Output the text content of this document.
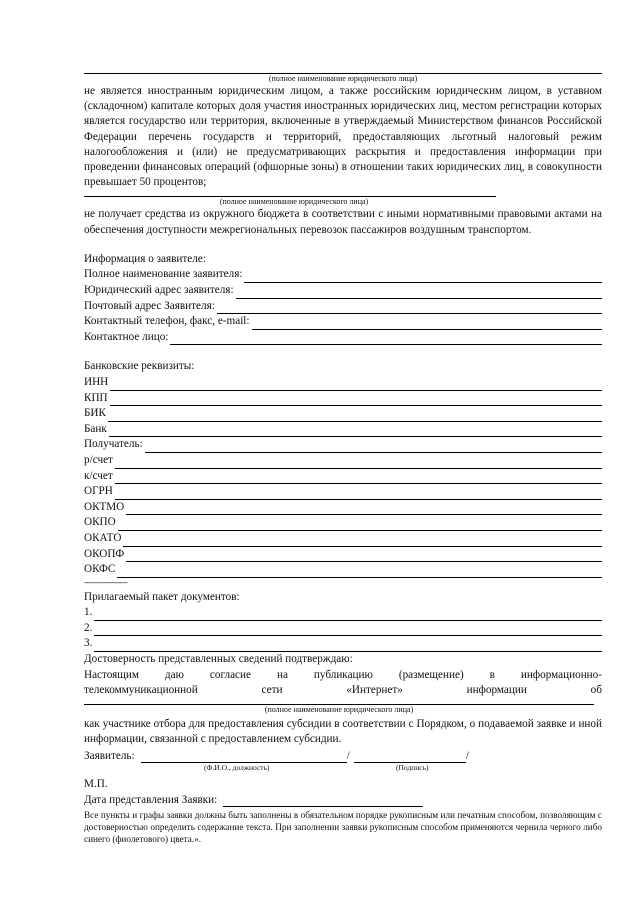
(полное наименование юридического лица)

не является иностранным юридическим лицом, а также российским юридическим лицом, в уставном (складочном) капитале которых доля участия иностранных юридических лиц, местом регистрации которых является государство или территория, включенные в утверждаемый Министерством финансов Российской Федерации перечень государств и территорий, предоставляющих льготный налоговый режим налогообложения и (или) не предусматривающих раскрытия и предоставления информации при проведении финансовых операций (офшорные зоны) в отношении таких юридических лиц, в совокупности превышает 50 процентов;

(полное наименование юридического лица)

не получает средства из окружного бюджета в соответствии с иными нормативными правовыми актами на обеспечения доступности межрегиональных перевозок пассажиров воздушным транспортом.

Информация о заявителе:
Полное наименование заявителя:
Юридический адрес заявителя:
Почтовый адрес Заявителя:
Контактный телефон, факс, e-mail:
Контактное лицо:
Банковские реквизиты:
ИНН
КПП
БИК
Банк
Получатель:
р/счет
к/счет
ОГРН
ОКТМО
ОКПО
ОКАТО
ОКОПФ
ОКФС
--------------------
Прилагаемый пакет документов:
1.
2.
3.
Достоверность представленных сведений подтверждаю:
Настоящим даю согласие на публикацию (размещение) в информационно-
телекоммуникационной	сети	«Интернет»	информации	об
(полное наименование юридического лица)

как участнике отбора для предоставления субсидии в соответствии с Порядком, о подаваемой заявке и иной информации, связанной с предоставлением субсидии.

Заявитель:	/	/
(Ф.И.О., должность)	(Подпись)
М.П.
Дата представления Заявки:

Все пункты и графы заявки должны быть заполнены в обязательном порядке рукописным или печатным способом, позволяющим с достоверностью определить содержание текста. При заполнении заявки рукописным способом применяются чернила черного либо синего (фиолетового) цвета.».
